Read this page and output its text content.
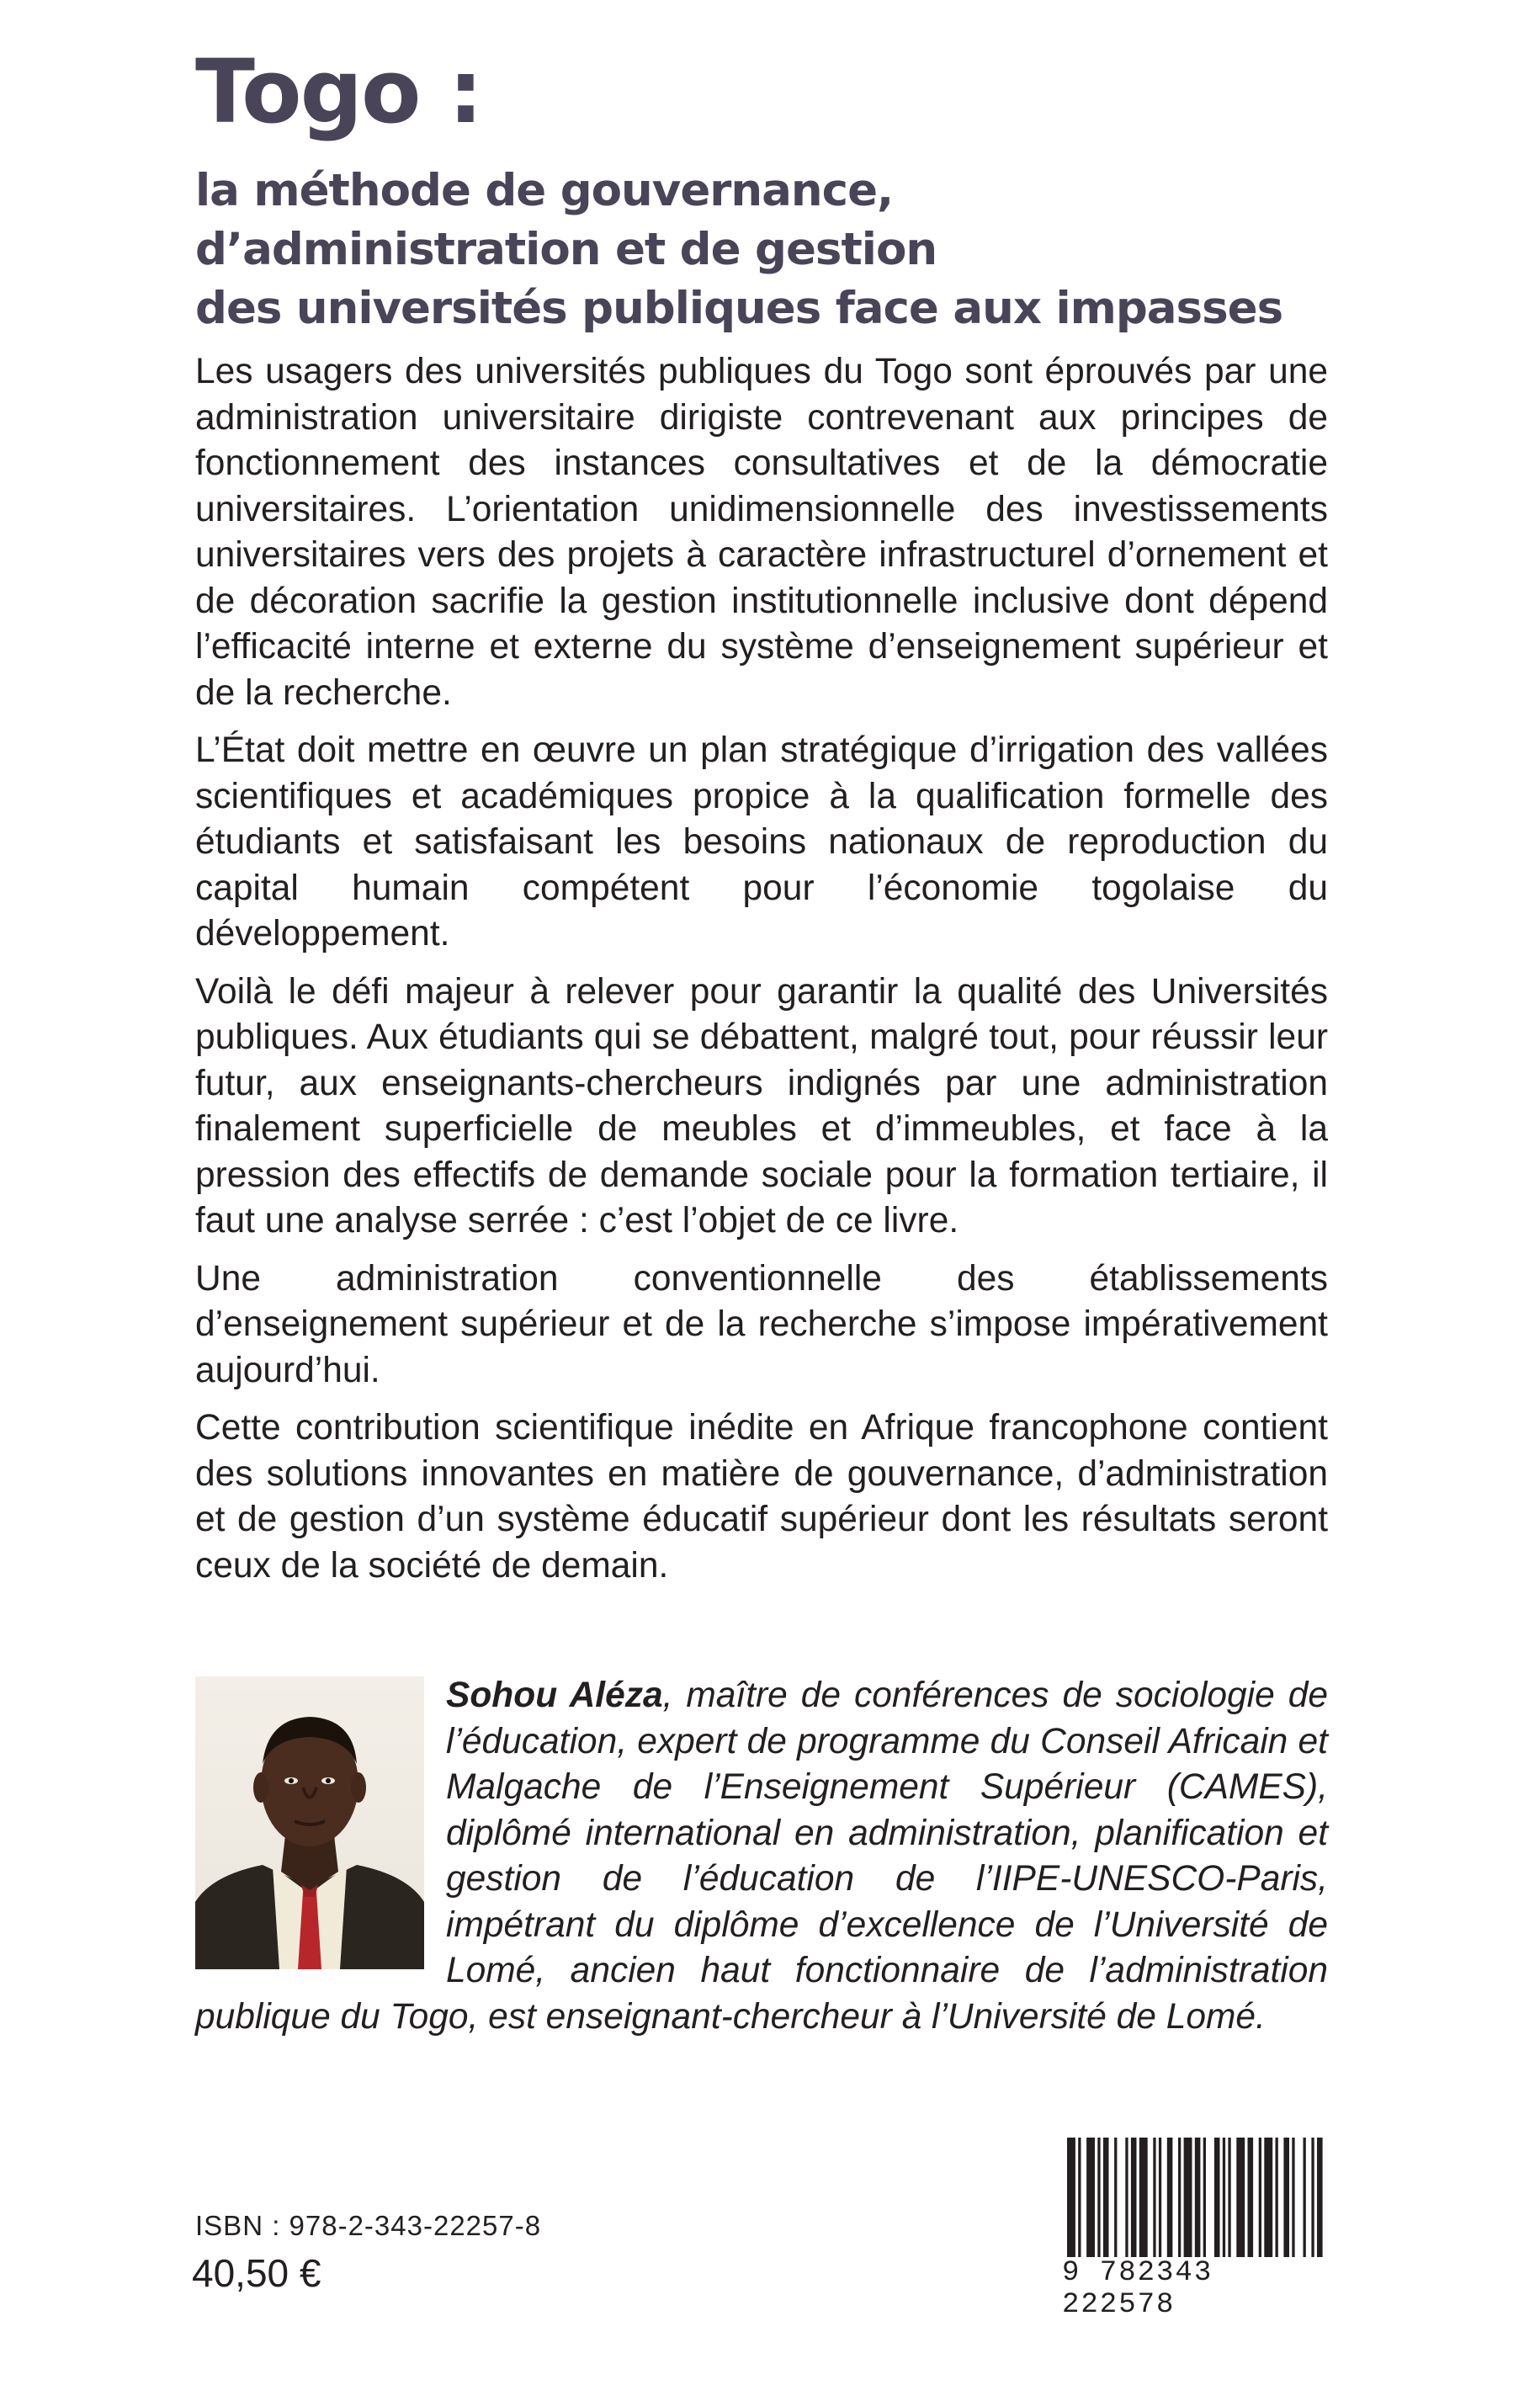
Togo :
la méthode de gouvernance,
d’administration et de gestion
des universités publiques face aux impasses

Les usagers des universités publiques du Togo sont éprouvés par une administration universitaire dirigiste contrevenant aux principes de fonctionnement des instances consultatives et de la démocratie universitaires. L’orientation unidimensionnelle des investissements universitaires vers des projets à caractère infrastructurel d’ornement et de décoration sacrifie la gestion institutionnelle inclusive dont dépend l’efficacité interne et externe du système d’enseignement supérieur et de la recherche.

L’État doit mettre en œuvre un plan stratégique d’irrigation des vallées scientifiques et académiques propice à la qualification formelle des étudiants et satisfaisant les besoins nationaux de reproduction du capital humain compétent pour l’économie togolaise du développement.

Voilà le défi majeur à relever pour garantir la qualité des Universités publiques. Aux étudiants qui se débattent, malgré tout, pour réussir leur futur, aux enseignants-chercheurs indignés par une administration finalement superficielle de meubles et d’immeubles, et face à la pression des effectifs de demande sociale pour la formation tertiaire, il faut une analyse serrée : c’est l’objet de ce livre.

Une administration conventionnelle des établissements d’enseignement supérieur et de la recherche s’impose impérativement aujourd’hui.

Cette contribution scientifique inédite en Afrique francophone contient des solutions innovantes en matière de gouvernance, d’administration et de gestion d’un système éducatif supérieur dont les résultats seront ceux de la société de demain.

Sohou Aléza, maître de conférences de sociologie de l’éducation, expert de programme du Conseil Africain et Malgache de l’Enseignement Supérieur (CAMES), diplômé international en administration, planification et gestion de l’éducation de l’IIPE-UNESCO-Paris, impétrant du diplôme d’excellence de l’Université de Lomé, ancien haut fonctionnaire de l’administration publique du Togo, est enseignant-chercheur à l’Université de Lomé.
ISBN : 978-2-343-22257-8
40,50 €	9 782343 222578
